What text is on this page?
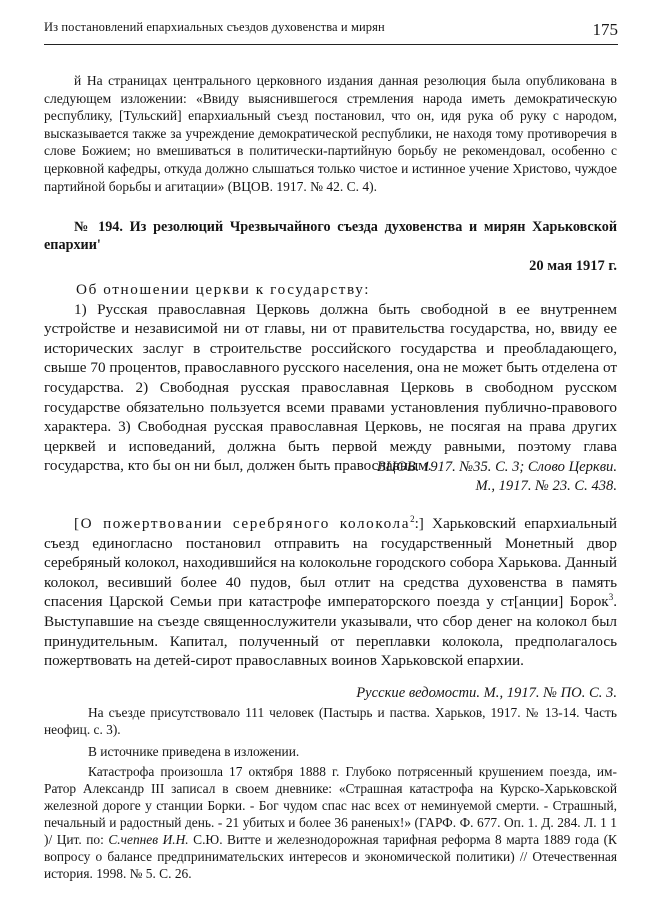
Из постановлений епархиальных съездов духовенства и мирян	175

й На страницах центрального церковного издания данная резолюция была опубликована в следующем изложении: «Ввиду выяснившегося стремления народа иметь демократическую республику, [Тульский] епархиальный съезд постановил, что он, идя рука об руку с народом, высказывается также за учреждение демократической республики, не находя тому противоречия в слове Божием; но вмешиваться в политически-партийную борьбу не рекомендовал, особенно с церковной кафедры, откуда должно слышаться только чистое и истинное учение Христово, чуждое партийной борьбы и агитации» (ВЦОВ. 1917. № 42. С. 4).

№ 194. Из резолюций Чрезвычайного съезда духовенства и мирян Харьковской епархии'

20 мая 1917 г.

Об отношении церкви к государству:

1) Русская православная Церковь должна быть свободной в ее внутреннем устройстве и независимой ни от главы, ни от правительства государства, но, ввиду ее исторических заслуг в строительстве российского государства и преобладающего, свыше 70 процентов, православного русского населения, она не может быть отделена от государства. 2) Свободная русская православная Церковь в свободном русском государстве обязательно пользуется всеми правами установления публично-правового характера. 3) Свободная русская православная Церковь, не посягая на права других церквей и исповеданий, должна быть первой между равными, поэтому глава государства, кто бы он ни был, должен быть православным.

ВЦОВ. 1917. №35. С. 3; Слово Церкви.
М., 1917. № 23. С. 438.

[О пожертвовании серебряного колокола$^2$:] Харьковский епархиальный съезд единогласно постановил отправить на государственный Монетный двор серебряный колокол, находившийся на колокольне городского собора Харькова. Данный колокол, весивший более 40 пудов, был отлит на средства духовенства в память спасения Царской Семьи при катастрофе императорского поезда у ст[анции] Борок$^3$. Выступавшие на съезде священнослужители указывали, что сбор денег на колокол был принудительным. Капитал, полученный от переплавки колокола, предполагалось пожертвовать на детей-сирот православных воинов Харьковской епархии.

Русские ведомости. М., 1917. № ПО. С. 3.

На съезде присутствовало 111 человек (Пастырь и паства. Харьков, 1917. № 13-14. Часть неофиц. с. 3).

В источнике приведена в изложении.

Катастрофа произошла 17 октября 1888 г. Глубоко потрясенный крушением поезда, им-Ратор Александр III записал в своем дневнике: «Страшная катастрофа на Курско-Харьковской железной дороге у станции Борки. - Бог чудом спас нас всех от неминуемой смерти. - Страшный, печальный и радостный день. - 21 убитых и более 36 раненых!» (ГАРФ. Ф. 677. Оп. 1. Д. 284. Л. 1 1 )/ Цит. по: С.чепнев И.Н. С.Ю. Витте и железнодорожная тарифная реформа 8 марта 1889 года (К вопросу о балансе предпринимательских интересов и экономической политики) // Отечественная история. 1998. № 5. С. 26.
